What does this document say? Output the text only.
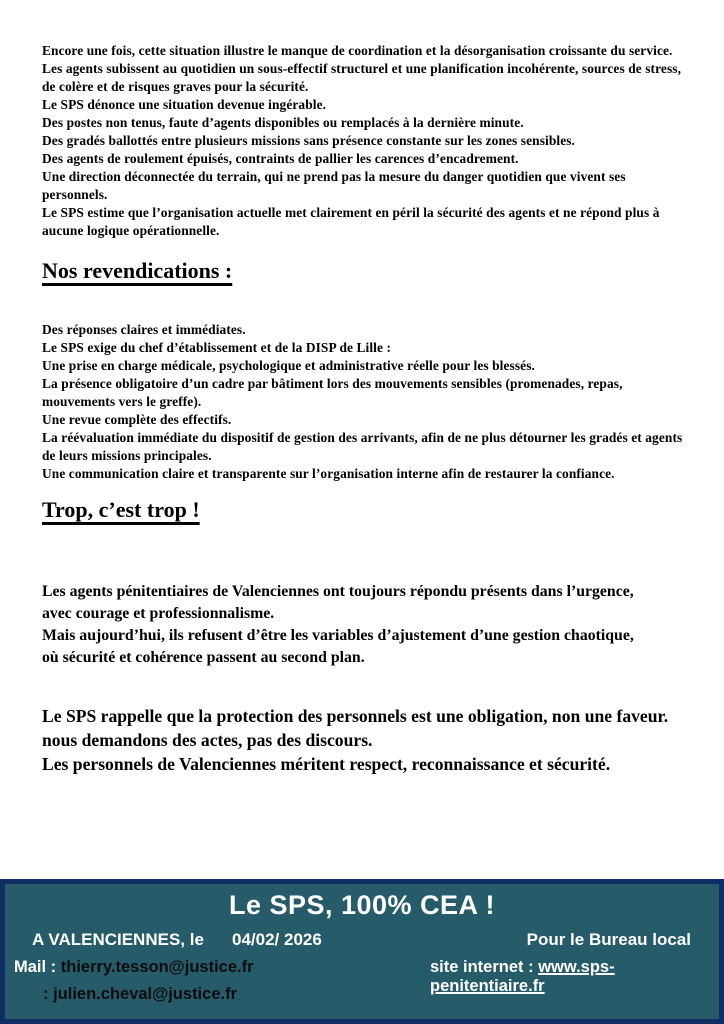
Encore une fois, cette situation illustre le manque de coordination et la désorganisation croissante du service. Les agents subissent au quotidien un sous-effectif structurel et une planification incohérente, sources de stress, de colère et de risques graves pour la sécurité.

Le SPS dénonce une situation devenue ingérable.

Des postes non tenus, faute d’agents disponibles ou remplacés à la dernière minute.

Des gradés ballottés entre plusieurs missions sans présence constante sur les zones sensibles.

Des agents de roulement épuisés, contraints de pallier les carences d’encadrement.

Une direction déconnectée du terrain, qui ne prend pas la mesure du danger quotidien que vivent ses personnels.

Le SPS estime que l’organisation actuelle met clairement en péril la sécurité des agents et ne répond plus à aucune logique opérationnelle.

Nos revendications :

Des réponses claires et immédiates.

Le SPS exige du chef d’établissement et de la DISP de Lille :

Une prise en charge médicale, psychologique et administrative réelle pour les blessés.

La présence obligatoire d’un cadre par bâtiment lors des mouvements sensibles (promenades, repas, mouvements vers le greffe).

Une revue complète des effectifs.

La réévaluation immédiate du dispositif de gestion des arrivants, afin de ne plus détourner les gradés et agents de leurs missions principales.

Une communication claire et transparente sur l’organisation interne afin de restaurer la confiance.

Trop, c’est trop !

Les agents pénitentiaires de Valenciennes ont toujours répondu présents dans l’urgence, avec courage et professionnalisme.

Mais aujourd’hui, ils refusent d’être les variables d’ajustement d’une gestion chaotique, où sécurité et cohérence passent au second plan.

Le SPS rappelle que la protection des personnels est une obligation, non une faveur. nous demandons des actes, pas des discours.

Les personnels de Valenciennes méritent respect, reconnaissance et sécurité.

Le SPS, 100% CEA !
A VALENCIENNES, le 04/02/ 2026	Pour le Bureau local
Mail : thierry.tesson@justice.fr
: julien.cheval@justice.fr
site internet : www.sps-penitentiaire.fr
